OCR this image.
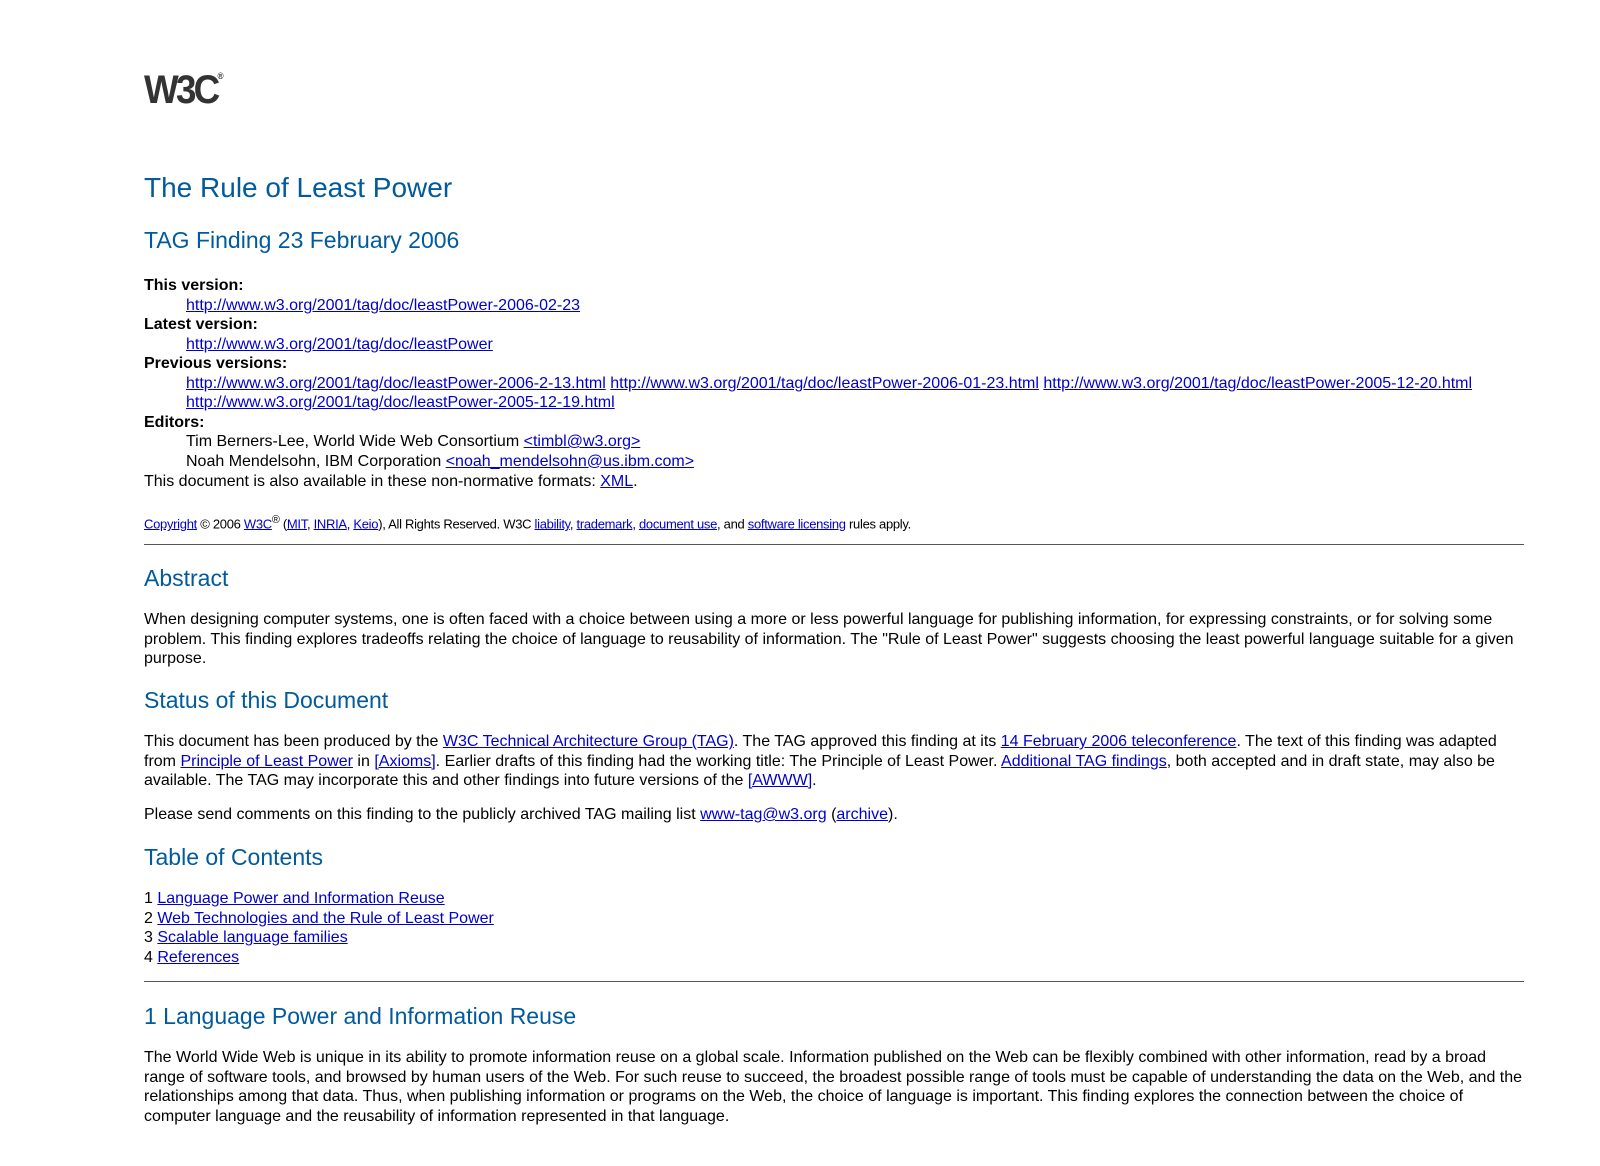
W3C®
The Rule of Least Power
TAG Finding 23 February 2006
This version:
http://www.w3.org/2001/tag/doc/leastPower-2006-02-23
Latest version:
http://www.w3.org/2001/tag/doc/leastPower
Previous versions:
http://www.w3.org/2001/tag/doc/leastPower-2006-2-13.html http://www.w3.org/2001/tag/doc/leastPower-2006-01-23.html http://www.w3.org/2001/tag/doc/leastPower-2005-12-20.html http://www.w3.org/2001/tag/doc/leastPower-2005-12-19.html
Editors:
Tim Berners-Lee, World Wide Web Consortium <timbl@w3.org>
Noah Mendelsohn, IBM Corporation <noah_mendelsohn@us.ibm.com>

This document is also available in these non-normative formats: XML.

Copyright © 2006 W3C® (MIT, INRIA, Keio), All Rights Reserved. W3C liability, trademark, document use, and software licensing rules apply.

Abstract

When designing computer systems, one is often faced with a choice between using a more or less powerful language for publishing information, for expressing constraints, or for solving some problem. This finding explores tradeoffs relating the choice of language to reusability of information. The "Rule of Least Power" suggests choosing the least powerful language suitable for a given purpose.

Status of this Document

This document has been produced by the W3C Technical Architecture Group (TAG). The TAG approved this finding at its 14 February 2006 teleconference. The text of this finding was adapted from Principle of Least Power in [Axioms]. Earlier drafts of this finding had the working title: The Principle of Least Power. Additional TAG findings, both accepted and in draft state, may also be available. The TAG may incorporate this and other findings into future versions of the [AWWW].

Please send comments on this finding to the publicly archived TAG mailing list www-tag@w3.org (archive).

Table of Contents
1 Language Power and Information Reuse
2 Web Technologies and the Rule of Least Power
3 Scalable language families
4 References
1 Language Power and Information Reuse

The World Wide Web is unique in its ability to promote information reuse on a global scale. Information published on the Web can be flexibly combined with other information, read by a broad range of software tools, and browsed by human users of the Web. For such reuse to succeed, the broadest possible range of tools must be capable of understanding the data on the Web, and the relationships among that data. Thus, when publishing information or programs on the Web, the choice of language is important. This finding explores the connection between the choice of computer language and the reusability of information represented in that language.
